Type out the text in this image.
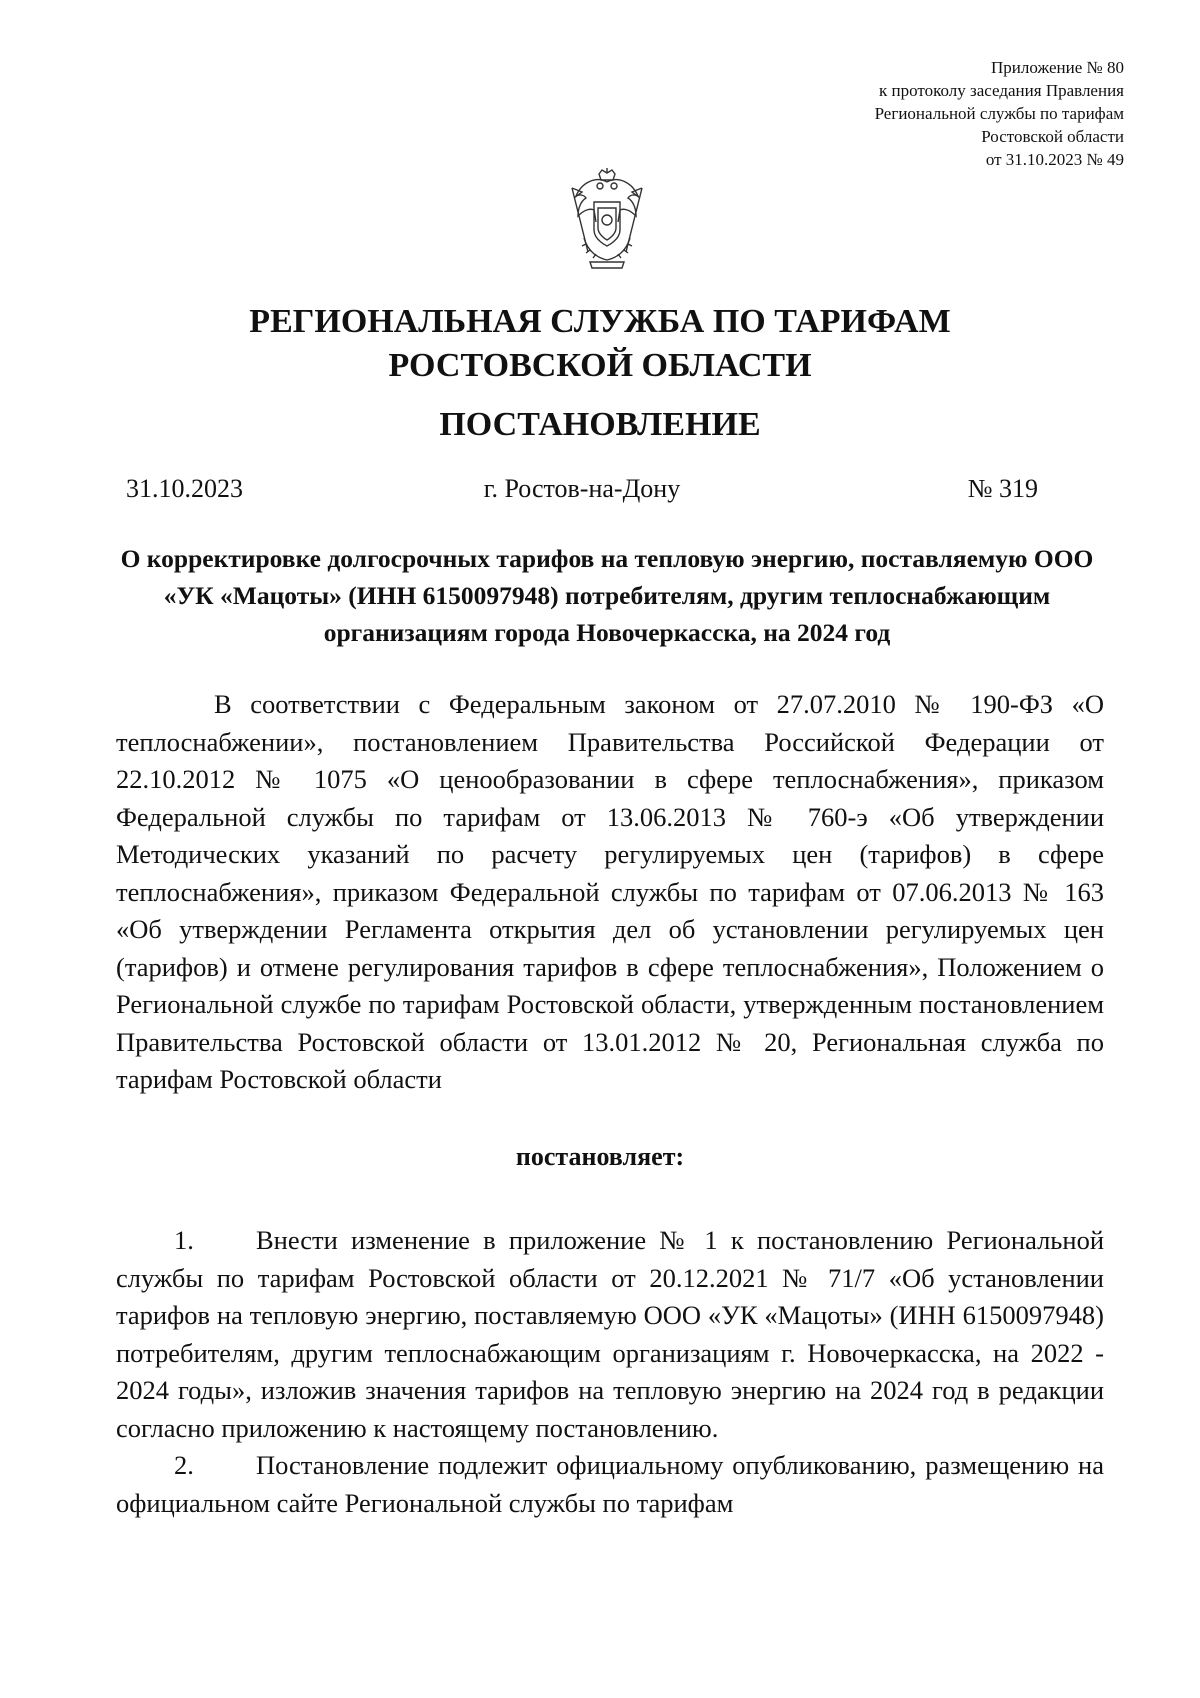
Приложение № 80
к протоколу заседания Правления
Региональной службы по тарифам
Ростовской области
от 31.10.2023 № 49
РЕГИОНАЛЬНАЯ СЛУЖБА ПО ТАРИФАМ
РОСТОВСКОЙ ОБЛАСТИ
ПОСТАНОВЛЕНИЕ
31.10.2023	г. Ростов-на-Дону	№ 319
О корректировке долгосрочных тарифов на тепловую энергию, поставляемую ООО «УК «Мацоты» (ИНН 6150097948) потребителям, другим теплоснабжающим организациям города Новочеркасска, на 2024 год

В соответствии с Федеральным законом от 27.07.2010 № 190-ФЗ «О теплоснабжении», постановлением Правительства Российской Федерации от 22.10.2012 № 1075 «О ценообразовании в сфере теплоснабжения», приказом Федеральной службы по тарифам от 13.06.2013 № 760-э «Об утверждении Методических указаний по расчету регулируемых цен (тарифов) в сфере теплоснабжения», приказом Федеральной службы по тарифам от 07.06.2013 № 163 «Об утверждении Регламента открытия дел об установлении регулируемых цен (тарифов) и отмене регулирования тарифов в сфере теплоснабжения», Положением о Региональной службе по тарифам Ростовской области, утвержденным постановлением Правительства Ростовской области от 13.01.2012 № 20, Региональная служба по тарифам Ростовской области

постановляет:

1. Внести изменение в приложение № 1 к постановлению Региональной службы по тарифам Ростовской области от 20.12.2021 № 71/7 «Об установлении тарифов на тепловую энергию, поставляемую ООО «УК «Мацоты» (ИНН 6150097948) потребителям, другим теплоснабжающим организациям г. Новочеркасска, на 2022 - 2024 годы», изложив значения тарифов на тепловую энергию на 2024 год в редакции согласно приложению к настоящему постановлению.

2. Постановление подлежит официальному опубликованию, размещению на официальном сайте Региональной службы по тарифам
